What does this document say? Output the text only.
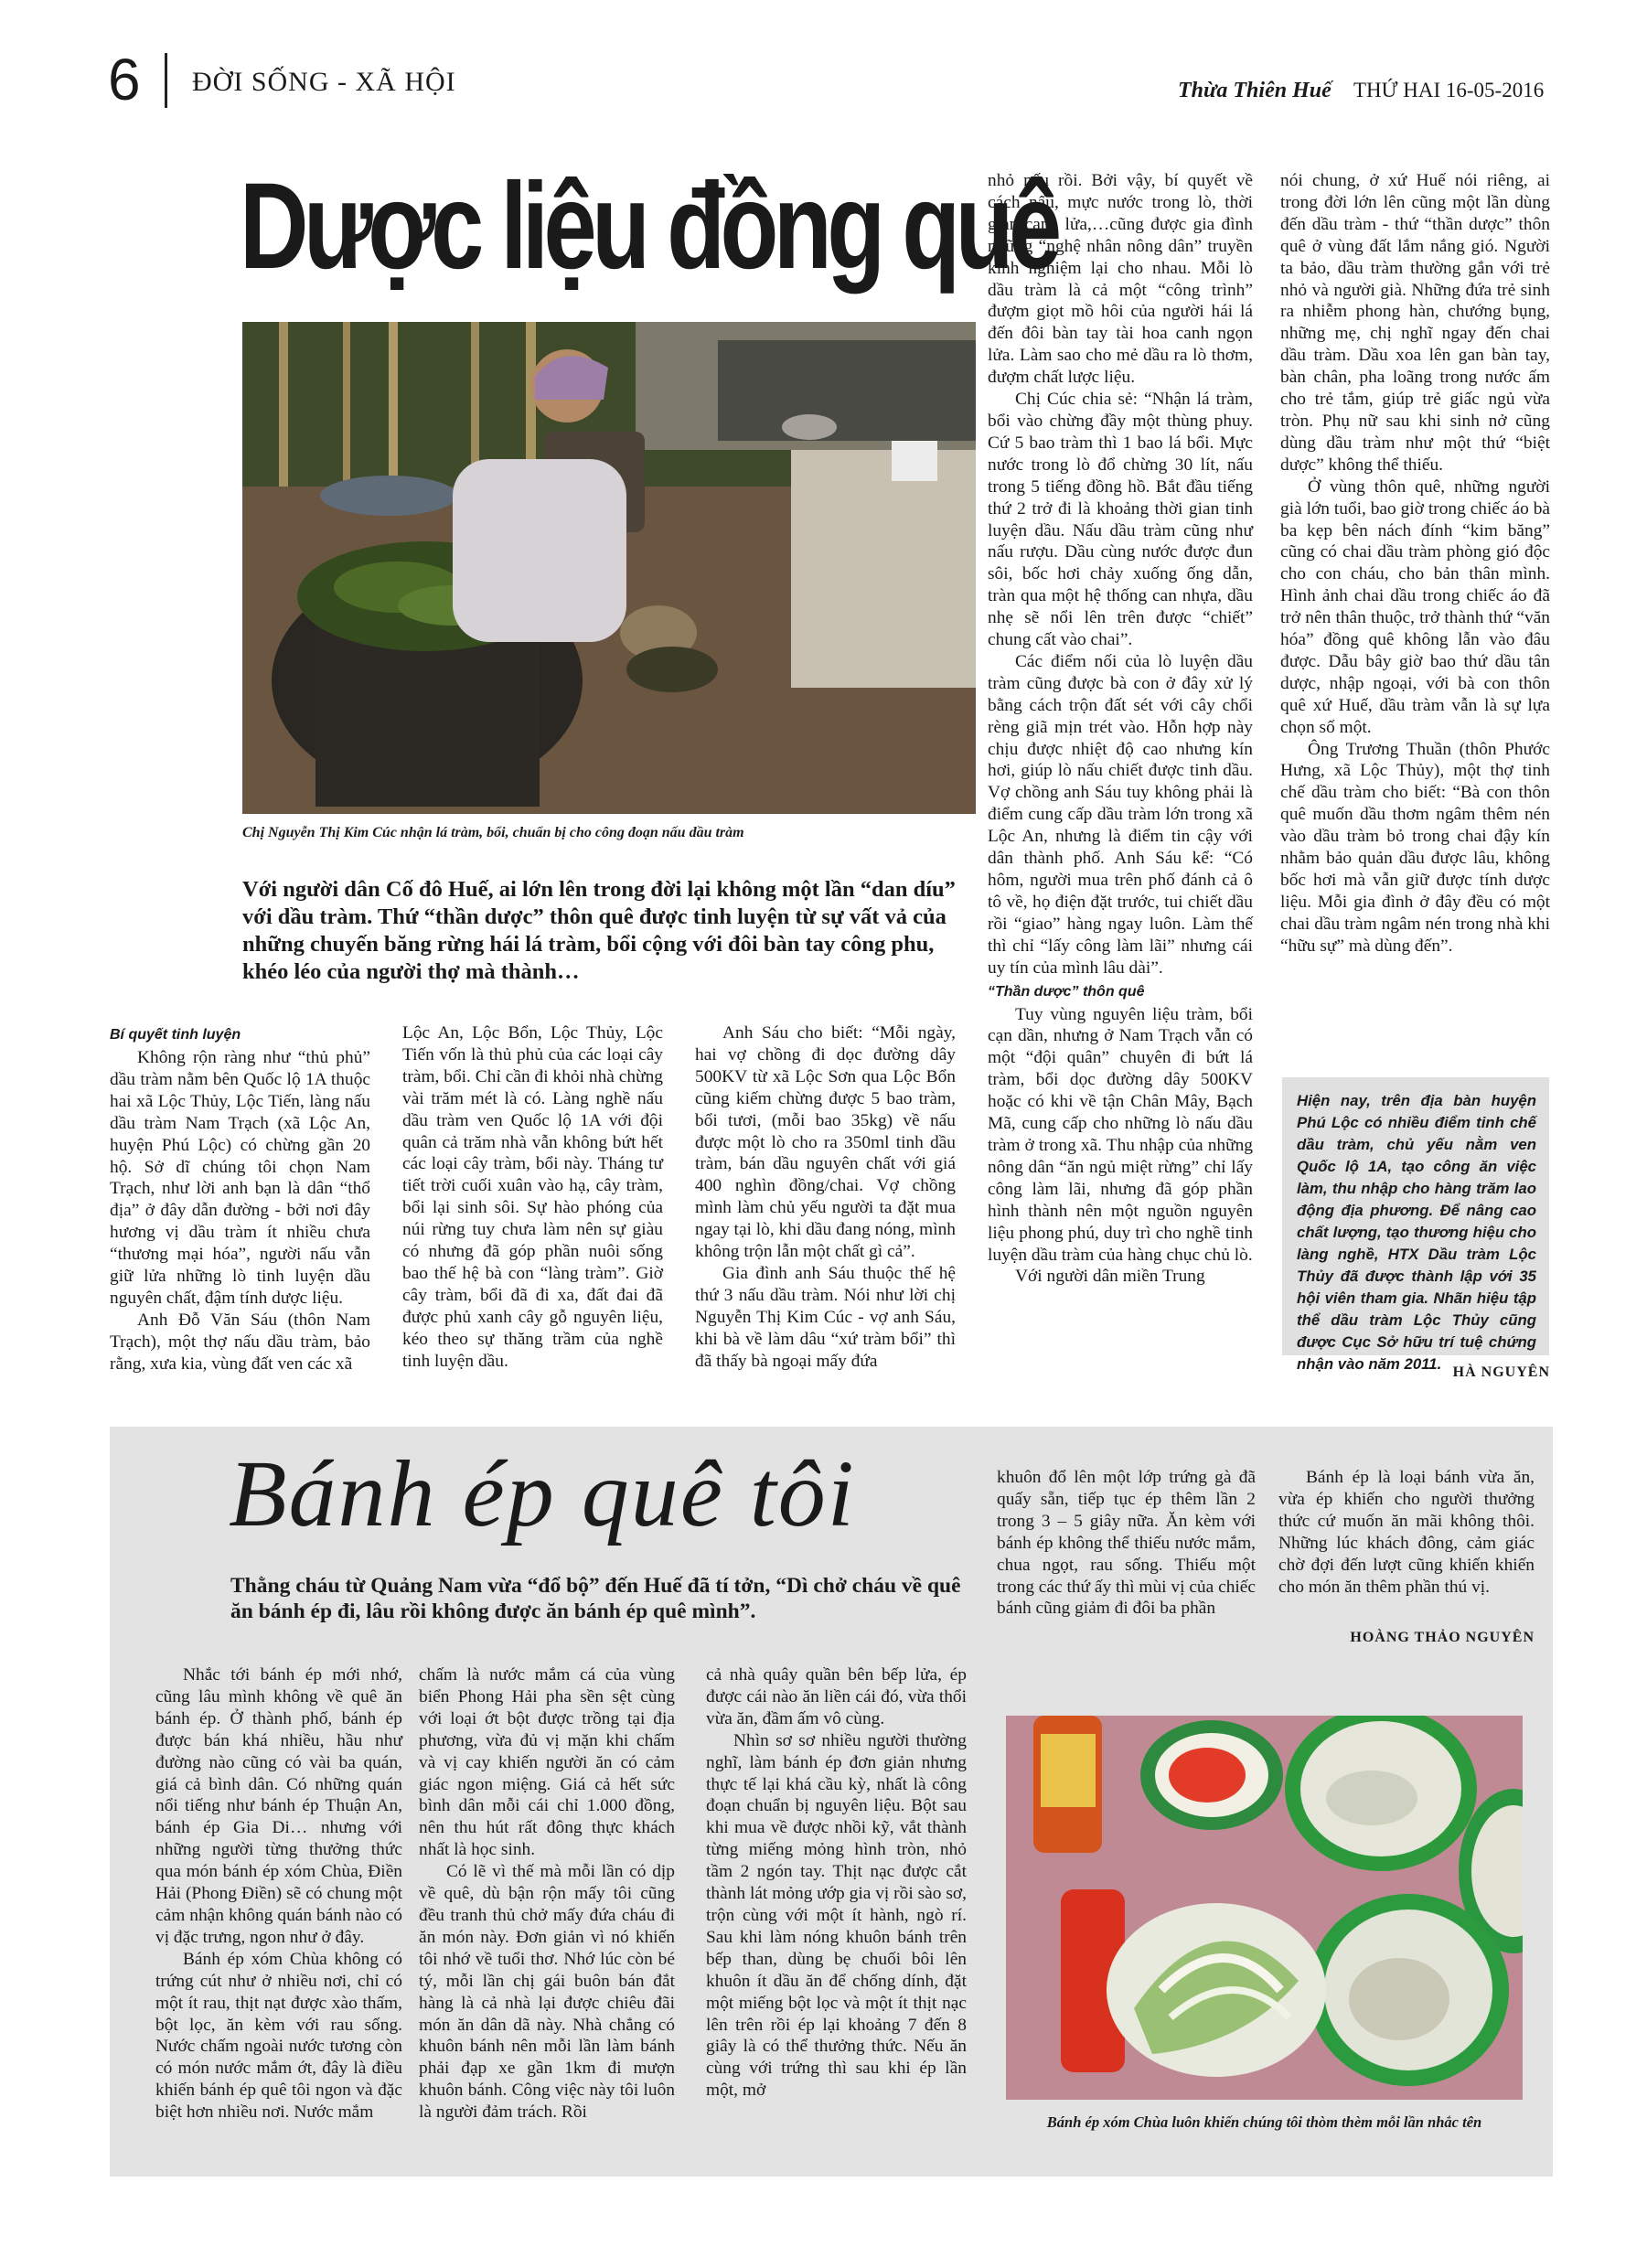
6 ĐỜI SỐNG - XÃ HỘI	Thừa Thiên Huế THỨ HAI 16-05-2016
Dược liệu đồng quê
Chị Nguyễn Thị Kim Cúc nhận lá tràm, bổi, chuẩn bị cho công đoạn nấu dầu tràm
Với người dân Cố đô Huế, ai lớn lên trong đời lại không một lần “dan díu” với dầu tràm. Thứ “thần dược” thôn quê được tinh luyện từ sự vất vả của những chuyến băng rừng hái lá tràm, bổi cộng với đôi bàn tay công phu, khéo léo của người thợ mà thành…
Bí quyết tinh luyện

Không rộn ràng như “thủ phủ” dầu tràm nằm bên Quốc lộ 1A thuộc hai xã Lộc Thủy, Lộc Tiến, làng nấu dầu tràm Nam Trạch (xã Lộc An, huyện Phú Lộc) có chừng gần 20 hộ. Sở dĩ chúng tôi chọn Nam Trạch, như lời anh bạn là dân “thổ địa” ở đây dẫn đường - bởi nơi đây hương vị dầu tràm ít nhiều chưa “thương mại hóa”, người nấu vẫn giữ lửa những lò tinh luyện dầu nguyên chất, đậm tính dược liệu.

Anh Đỗ Văn Sáu (thôn Nam Trạch), một thợ nấu dầu tràm, bảo rằng, xưa kia, vùng đất ven các xã

Lộc An, Lộc Bổn, Lộc Thủy, Lộc Tiến vốn là thủ phủ của các loại cây tràm, bổi. Chỉ cần đi khỏi nhà chừng vài trăm mét là có. Làng nghề nấu dầu tràm ven Quốc lộ 1A với đội quân cả trăm nhà vẫn không bứt hết các loại cây tràm, bổi này. Tháng tư tiết trời cuối xuân vào hạ, cây tràm, bổi lại sinh sôi. Sự hào phóng của núi rừng tuy chưa làm nên sự giàu có nhưng đã góp phần nuôi sống bao thế hệ bà con “làng tràm”. Giờ cây tràm, bổi đã đi xa, đất đai đã được phủ xanh cây gỗ nguyên liệu, kéo theo sự thăng trầm của nghề tinh luyện dầu.

Anh Sáu cho biết: “Mỗi ngày, hai vợ chồng đi dọc đường dây 500KV từ xã Lộc Sơn qua Lộc Bổn cũng kiếm chừng được 5 bao tràm, bổi tươi, (mỗi bao 35kg) về nấu được một lò cho ra 350ml tinh dầu tràm, bán dầu nguyên chất với giá 400 nghìn đồng/chai. Vợ chồng mình làm chủ yếu người ta đặt mua ngay tại lò, khi dầu đang nóng, mình không trộn lẫn một chất gì cả”.

Gia đình anh Sáu thuộc thế hệ thứ 3 nấu dầu tràm. Nói như lời chị Nguyễn Thị Kim Cúc - vợ anh Sáu, khi bà về làm dâu “xứ tràm bổi” thì đã thấy bà ngoại mấy đứa

nhỏ nấu rồi. Bởi vậy, bí quyết về cách nấu, mực nước trong lò, thời gian canh lửa,…cũng được gia đình những “nghệ nhân nông dân” truyền kinh nghiệm lại cho nhau. Mỗi lò dầu tràm là cả một “công trình” đượm giọt mồ hôi của người hái lá đến đôi bàn tay tài hoa canh ngọn lửa. Làm sao cho mẻ dầu ra lò thơm, đượm chất lược liệu.

Chị Cúc chia sẻ: “Nhận lá tràm, bổi vào chừng đầy một thùng phuy. Cứ 5 bao tràm thì 1 bao lá bổi. Mực nước trong lò đổ chừng 30 lít, nấu trong 5 tiếng đồng hồ. Bắt đầu tiếng thứ 2 trở đi là khoảng thời gian tinh luyện dầu. Nấu dầu tràm cũng như nấu rượu. Dầu cùng nước được đun sôi, bốc hơi chảy xuống ống dẫn, tràn qua một hệ thống can nhựa, dầu nhẹ sẽ nổi lên trên được “chiết” chung cất vào chai”.

Các điểm nối của lò luyện dầu tràm cũng được bà con ở đây xử lý bằng cách trộn đất sét với cây chổi rèng giã mịn trét vào. Hỗn hợp này chịu được nhiệt độ cao nhưng kín hơi, giúp lò nấu chiết được tinh dầu. Vợ chồng anh Sáu tuy không phải là điểm cung cấp dầu tràm lớn trong xã Lộc An, nhưng là điểm tin cậy với dân thành phố. Anh Sáu kể: “Có hôm, người mua trên phố đánh cả ô tô về, họ điện đặt trước, tui chiết dầu rồi “giao” hàng ngay luôn. Làm thế thì chỉ “lấy công làm lãi” nhưng cái uy tín của mình lâu dài”.

“Thần dược” thôn quê

Tuy vùng nguyên liệu tràm, bổi cạn dần, nhưng ở Nam Trạch vẫn có một “đội quân” chuyên đi bứt lá tràm, bổi dọc đường dây 500KV hoặc có khi về tận Chân Mây, Bạch Mã, cung cấp cho những lò nấu dầu tràm ở trong xã. Thu nhập của những nông dân “ăn ngủ miệt rừng” chỉ lấy công làm lãi, nhưng đã góp phần hình thành nên một nguồn nguyên liệu phong phú, duy trì cho nghề tinh luyện dầu tràm của hàng chục chủ lò.

Với người dân miền Trung

nói chung, ở xứ Huế nói riêng, ai trong đời lớn lên cũng một lần dùng đến dầu tràm - thứ “thần dược” thôn quê ở vùng đất lắm nắng gió. Người ta bảo, dầu tràm thường gắn với trẻ nhỏ và người già. Những đứa trẻ sinh ra nhiễm phong hàn, chướng bụng, những mẹ, chị nghĩ ngay đến chai dầu tràm. Dầu xoa lên gan bàn tay, bàn chân, pha loãng trong nước ấm cho trẻ tắm, giúp trẻ giấc ngủ vừa tròn. Phụ nữ sau khi sinh nở cũng dùng dầu tràm như một thứ “biệt dược” không thể thiếu.

Ở vùng thôn quê, những người già lớn tuổi, bao giờ trong chiếc áo bà ba kẹp bên nách đính “kim băng” cũng có chai dầu tràm phòng gió độc cho con cháu, cho bản thân mình. Hình ảnh chai dầu trong chiếc áo đã trở nên thân thuộc, trở thành thứ “văn hóa” đồng quê không lẫn vào đâu được. Dẫu bây giờ bao thứ dầu tân dược, nhập ngoại, với bà con thôn quê xứ Huế, dầu tràm vẫn là sự lựa chọn số một.

Ông Trương Thuần (thôn Phước Hưng, xã Lộc Thủy), một thợ tinh chế dầu tràm cho biết: “Bà con thôn quê muốn dầu thơm ngâm thêm nén vào dầu tràm bỏ trong chai đậy kín nhằm bảo quản dầu được lâu, không bốc hơi mà vẫn giữ được tính dược liệu. Mỗi gia đình ở đây đều có một chai dầu tràm ngâm nén trong nhà khi “hữu sự” mà dùng đến”.

Hiện nay, trên địa bàn huyện Phú Lộc có nhiều điểm tinh chế dầu tràm, chủ yếu nằm ven Quốc lộ 1A, tạo công ăn việc làm, thu nhập cho hàng trăm lao động địa phương. Để nâng cao chất lượng, tạo thương hiệu cho làng nghề, HTX Dầu tràm Lộc Thủy đã được thành lập với 35 hội viên tham gia. Nhãn hiệu tập thể dầu tràm Lộc Thủy cũng được Cục Sở hữu trí tuệ chứng nhận vào năm 2011. HÀ NGUYÊN
Bánh ép quê tôi
Thằng cháu từ Quảng Nam vừa “đổ bộ” đến Huế đã tí tởn, “Dì chở cháu về quê ăn bánh ép đi, lâu rồi không được ăn bánh ép quê mình”.

Nhắc tới bánh ép mới nhớ, cũng lâu mình không về quê ăn bánh ép. Ở thành phố, bánh ép được bán khá nhiều, hầu như đường nào cũng có vài ba quán, giá cả bình dân. Có những quán nổi tiếng như bánh ép Thuận An, bánh ép Gia Di… nhưng với những người từng thưởng thức qua món bánh ép xóm Chùa, Điền Hải (Phong Điền) sẽ có chung một cảm nhận không quán bánh nào có vị đặc trưng, ngon như ở đây.

Bánh ép xóm Chùa không có trứng cút như ở nhiều nơi, chỉ có một ít rau, thịt nạt được xào thấm, bột lọc, ăn kèm với rau sống. Nước chấm ngoài nước tương còn có món nước mắm ớt, đây là điều khiến bánh ép quê tôi ngon và đặc biệt hơn nhiều nơi. Nước mắm

chấm là nước mắm cá của vùng biển Phong Hải pha sền sệt cùng với loại ớt bột được trồng tại địa phương, vừa đủ vị mặn khi chấm và vị cay khiến người ăn có cảm giác ngon miệng. Giá cả hết sức bình dân mỗi cái chỉ 1.000 đồng, nên thu hút rất đông thực khách nhất là học sinh.

Có lẽ vì thế mà mỗi lần có dịp về quê, dù bận rộn mấy tôi cũng đều tranh thủ chở mấy đứa cháu đi ăn món này. Đơn giản vì nó khiến tôi nhớ về tuổi thơ. Nhớ lúc còn bé tý, mỗi lần chị gái buôn bán đắt hàng là cả nhà lại được chiêu đãi món ăn dân dã này. Nhà chẳng có khuôn bánh nên mỗi lần làm bánh phải đạp xe gần 1km đi mượn khuôn bánh. Công việc này tôi luôn là người đảm trách. Rồi

cả nhà quây quần bên bếp lửa, ép được cái nào ăn liền cái đó, vừa thổi vừa ăn, đầm ấm vô cùng.

Nhìn sơ sơ nhiều người thường nghĩ, làm bánh ép đơn giản nhưng thực tế lại khá cầu kỳ, nhất là công đoạn chuẩn bị nguyên liệu. Bột sau khi mua về được nhồi kỹ, vắt thành từng miếng mỏng hình tròn, nhỏ tầm 2 ngón tay. Thịt nạc được cắt thành lát mỏng ướp gia vị rồi sào sơ, trộn cùng với một ít hành, ngò rí. Sau khi làm nóng khuôn bánh trên bếp than, dùng bẹ chuối bôi lên khuôn ít dầu ăn để chống dính, đặt một miếng bột lọc và một ít thịt nạc lên trên rồi ép lại khoảng 7 đến 8 giây là có thể thưởng thức. Nếu ăn cùng với trứng thì sau khi ép lần một, mở

khuôn đổ lên một lớp trứng gà đã quấy sẵn, tiếp tục ép thêm lần 2 trong 3 – 5 giây nữa. Ăn kèm với bánh ép không thể thiếu nước mắm, chua ngọt, rau sống. Thiếu một trong các thứ ấy thì mùi vị của chiếc bánh cũng giảm đi đôi ba phần

Bánh ép là loại bánh vừa ăn, vừa ép khiến cho người thưởng thức cứ muốn ăn mãi không thôi. Những lúc khách đông, cảm giác chờ đợi đến lượt cũng khiến khiến cho món ăn thêm phần thú vị.

HOÀNG THẢO NGUYÊN
Bánh ép xóm Chùa luôn khiến chúng tôi thòm thèm mỗi lần nhắc tên
